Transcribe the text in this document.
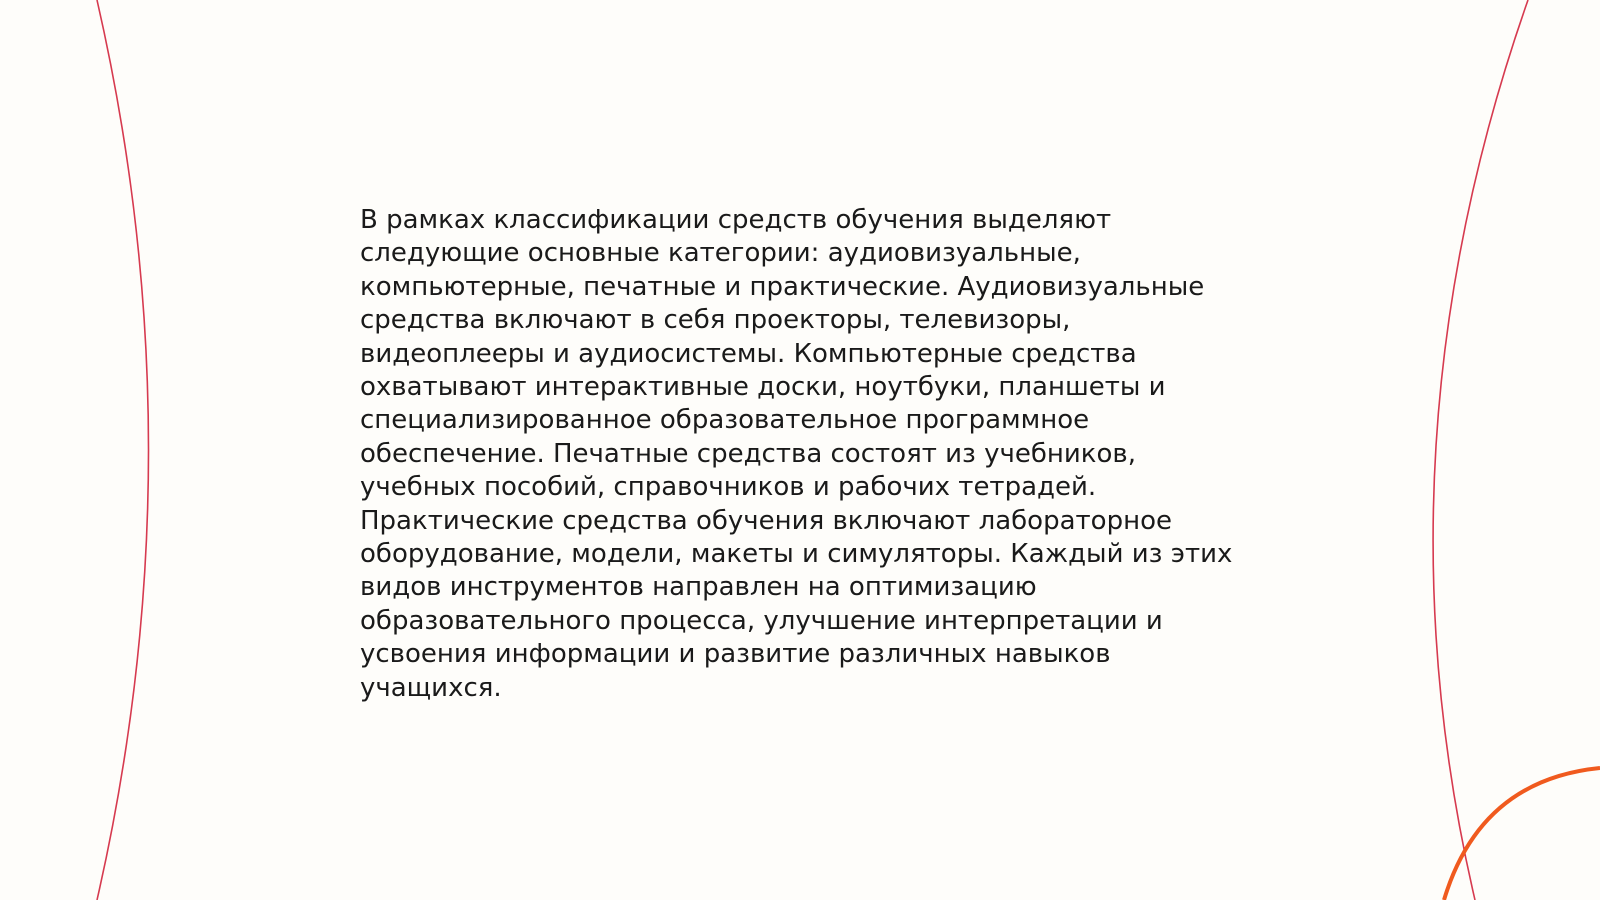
В рамках классификации средств обучения выделяют
следующие основные категории: аудиовизуальные,
компьютерные, печатные и практические. Аудиовизуальные
средства включают в себя проекторы, телевизоры,
видеоплееры и аудиосистемы. Компьютерные средства
охватывают интерактивные доски, ноутбуки, планшеты и
специализированное образовательное программное
обеспечение. Печатные средства состоят из учебников,
учебных пособий, справочников и рабочих тетрадей.
Практические средства обучения включают лабораторное
оборудование, модели, макеты и симуляторы. Каждый из этих
видов инструментов направлен на оптимизацию
образовательного процесса, улучшение интерпретации и
усвоения информации и развитие различных навыков
учащихся.
